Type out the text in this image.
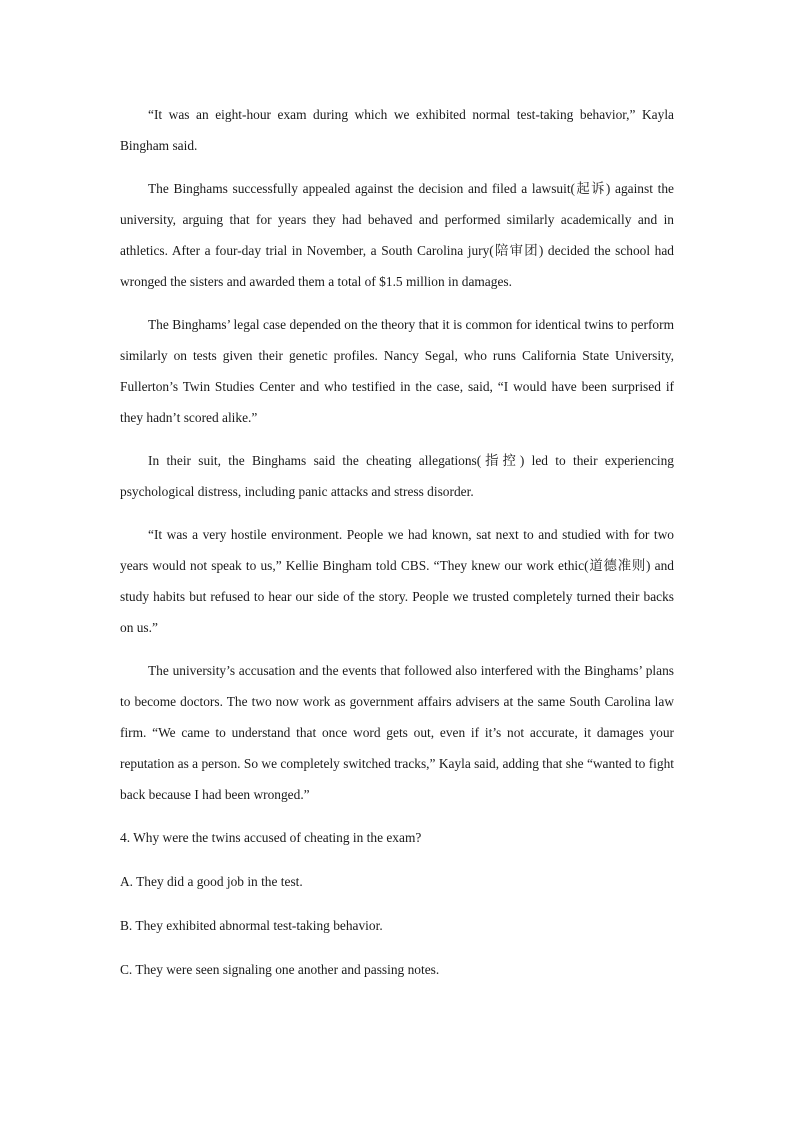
“It was an eight-hour exam during which we exhibited normal test-taking behavior,” Kayla Bingham said.

The Binghams successfully appealed against the decision and filed a lawsuit(起诉) against the university, arguing that for years they had behaved and performed similarly academically and in athletics. After a four-day trial in November, a South Carolina jury(陪审团) decided the school had wronged the sisters and awarded them a total of $1.5 million in damages.

The Binghams’ legal case depended on the theory that it is common for identical twins to perform similarly on tests given their genetic profiles. Nancy Segal, who runs California State University, Fullerton’s Twin Studies Center and who testified in the case, said, “I would have been surprised if they hadn’t scored alike.”

In their suit, the Binghams said the cheating allegations(指控) led to their experiencing psychological distress, including panic attacks and stress disorder.

“It was a very hostile environment. People we had known, sat next to and studied with for two years would not speak to us,” Kellie Bingham told CBS. “They knew our work ethic(道德准则) and study habits but refused to hear our side of the story. People we trusted completely turned their backs on us.”

The university’s accusation and the events that followed also interfered with the Binghams’ plans to become doctors. The two now work as government affairs advisers at the same South Carolina law firm. “We came to understand that once word gets out, even if it’s not accurate, it damages your reputation as a person. So we completely switched tracks,” Kayla said, adding that she “wanted to fight back because I had been wronged.”

4. Why were the twins accused of cheating in the exam?

A. They did a good job in the test.

B. They exhibited abnormal test-taking behavior.

C. They were seen signaling one another and passing notes.
